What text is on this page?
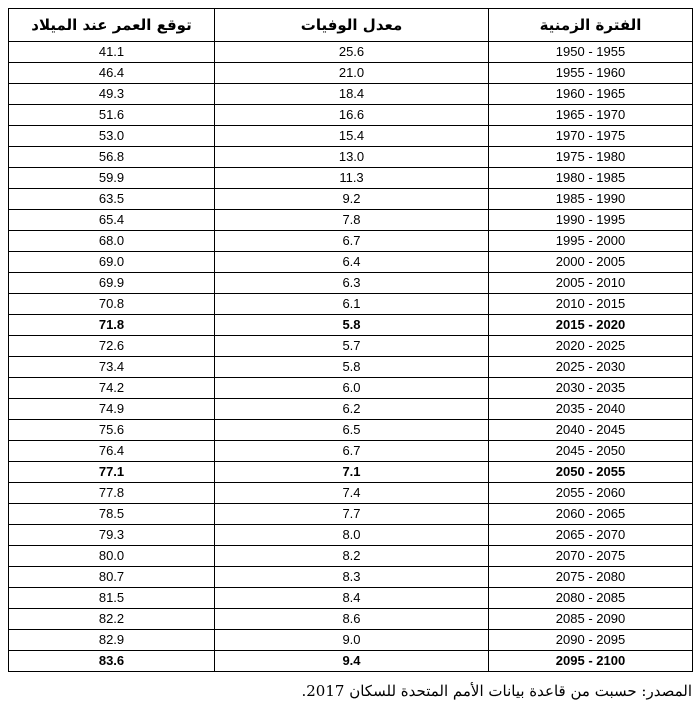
الفترة الزمنية	معدل الوفيات	توقع العمر عند الميلاد
1950 - 1955	25.6	41.1
1955 - 1960	21.0	46.4
1960 - 1965	18.4	49.3
1965 - 1970	16.6	51.6
1970 - 1975	15.4	53.0
1975 - 1980	13.0	56.8
1980 - 1985	11.3	59.9
1985 - 1990	9.2	63.5
1990 - 1995	7.8	65.4
1995 - 2000	6.7	68.0
2000 - 2005	6.4	69.0
2005 - 2010	6.3	69.9
2010 - 2015	6.1	70.8
2015 - 2020	5.8	71.8
2020 - 2025	5.7	72.6
2025 - 2030	5.8	73.4
2030 - 2035	6.0	74.2
2035 - 2040	6.2	74.9
2040 - 2045	6.5	75.6
2045 - 2050	6.7	76.4
2050 - 2055	7.1	77.1
2055 - 2060	7.4	77.8
2060 - 2065	7.7	78.5
2065 - 2070	8.0	79.3
2070 - 2075	8.2	80.0
2075 - 2080	8.3	80.7
2080 - 2085	8.4	81.5
2085 - 2090	8.6	82.2
2090 - 2095	9.0	82.9
2095 - 2100	9.4	83.6
المصدر: حسبت من قاعدة بيانات الأمم المتحدة للسكان 2017.
